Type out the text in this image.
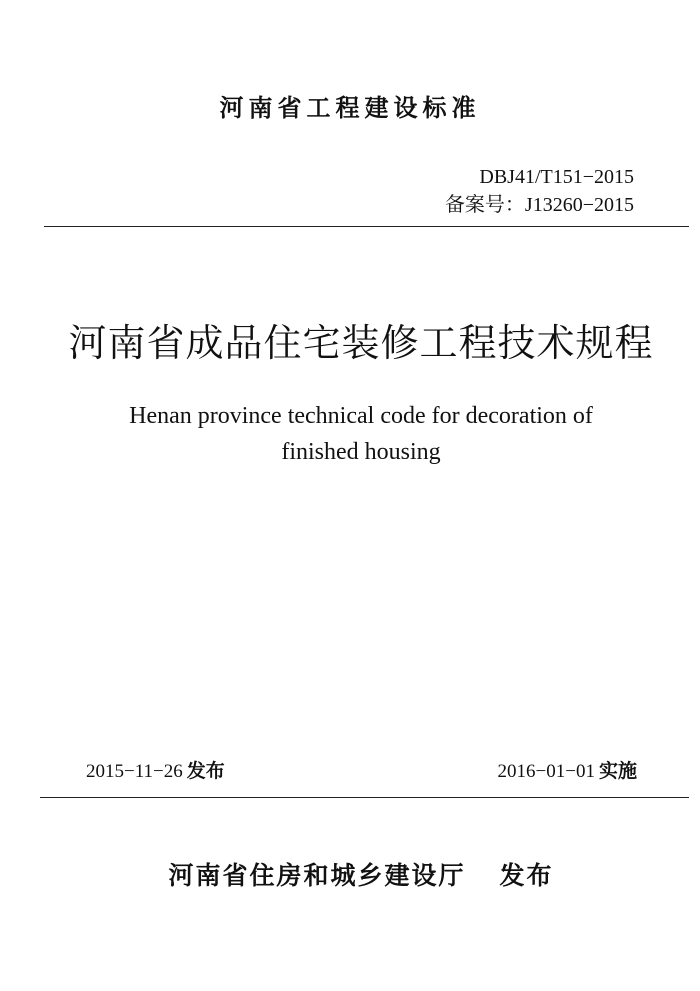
河南省工程建设标准
DBJ41/T151−2015
备案号：J13260−2015
河南省成品住宅装修工程技术规程
Henan province technical code for decoration of
finished housing
2015−11−26 发布	2016−01−01 实施
河南省住房和城乡建设厅 发布
